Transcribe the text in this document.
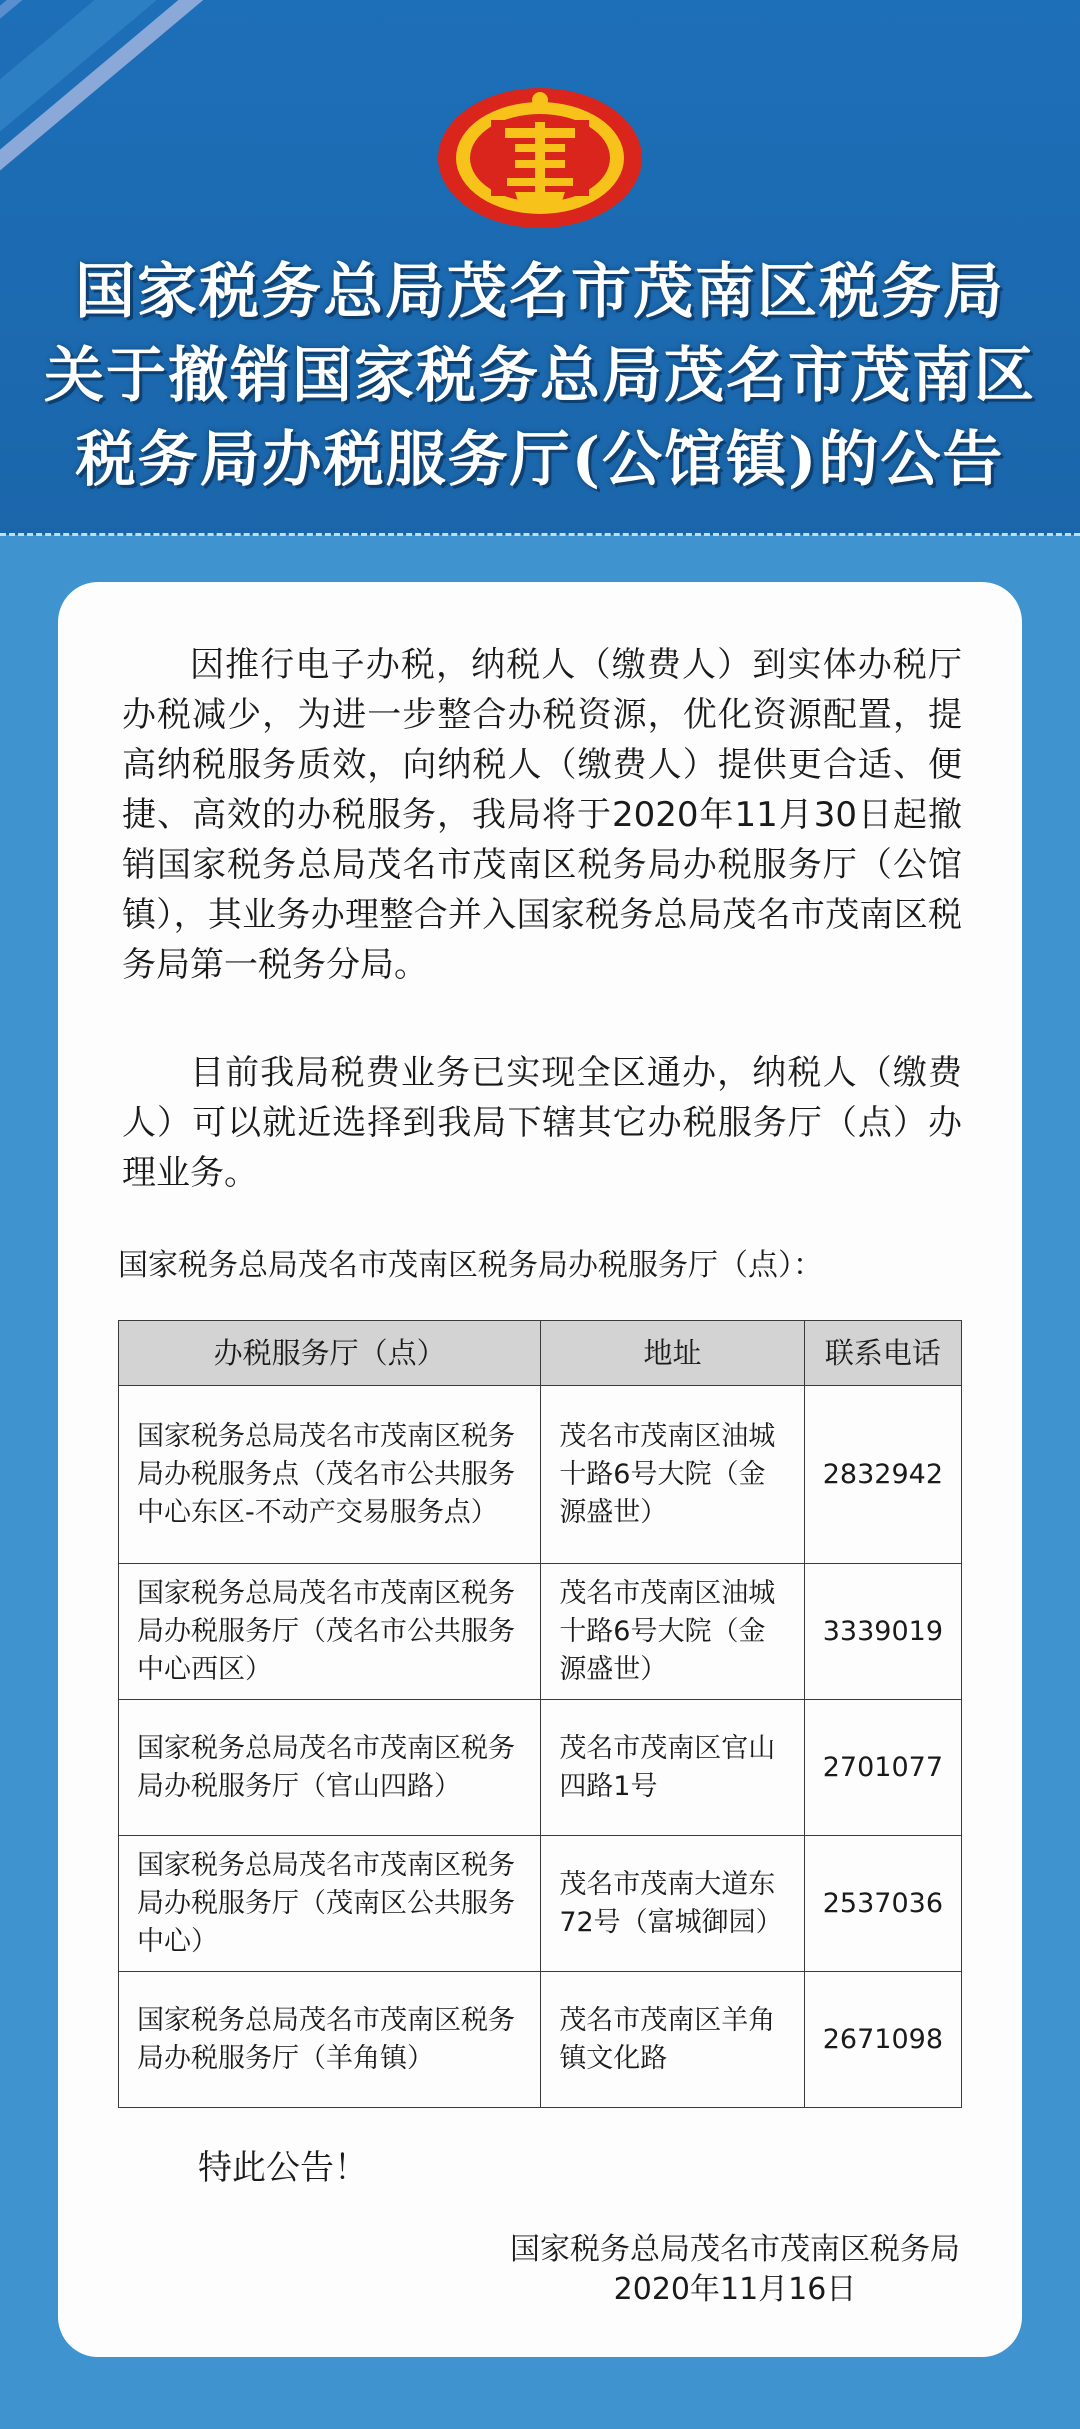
国家税务总局茂名市茂南区税务局
关于撤销国家税务总局茂名市茂南区
税务局办税服务厅(公馆镇)的公告
因推行电子办税，纳税人（缴费人）到实体办税厅办税减少，为进一步整合办税资源，优化资源配置，提高纳税服务质效，向纳税人（缴费人）提供更合适、便捷、高效的办税服务，我局将于2020年11月30日起撤销国家税务总局茂名市茂南区税务局办税服务厅（公馆镇），其业务办理整合并入国家税务总局茂名市茂南区税务局第一税务分局。
目前我局税费业务已实现全区通办，纳税人（缴费人）可以就近选择到我局下辖其它办税服务厅（点）办理业务。
国家税务总局茂名市茂南区税务局办税服务厅（点）：
办税服务厅（点）	地址	联系电话
国家税务总局茂名市茂南区税务局办税服务点（茂名市公共服务中心东区-不动产交易服务点）	茂名市茂南区油城十路6号大院（金源盛世）	2832942
国家税务总局茂名市茂南区税务局办税服务厅（茂名市公共服务中心西区）	茂名市茂南区油城十路6号大院（金源盛世）	3339019
国家税务总局茂名市茂南区税务局办税服务厅（官山四路）	茂名市茂南区官山四路1号	2701077
国家税务总局茂名市茂南区税务局办税服务厅（茂南区公共服务中心）	茂名市茂南大道东72号（富城御园）	2537036
国家税务总局茂名市茂南区税务局办税服务厅（羊角镇）	茂名市茂南区羊角镇文化路	2671098
特此公告！
国家税务总局茂名市茂南区税务局
2020年11月16日
